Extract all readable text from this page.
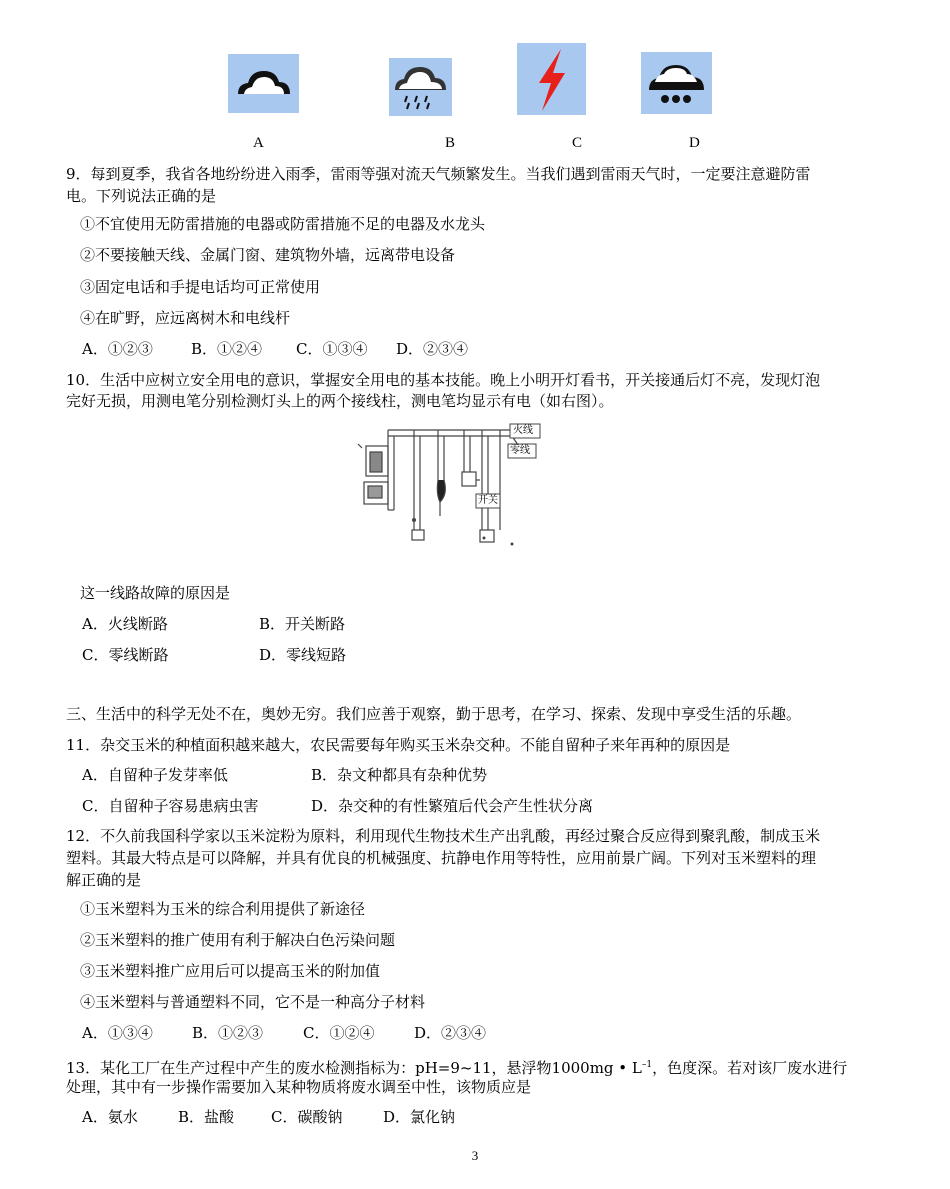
A	B	C	D
9．每到夏季，我省各地纷纷进入雨季，雷雨等强对流天气频繁发生。当我们遇到雷雨天气时，一定要注意避防雷
电。下列说法正确的是
①不宜使用无防雷措施的电器或防雷措施不足的电器及水龙头
②不要接触天线、金属门窗、建筑物外墙，远离带电设备
③固定电话和手提电话均可正常使用
④在旷野，应远离树木和电线杆
A．①②③	B．①②④ C．①③④ D．②③④
10．生活中应树立安全用电的意识，掌握安全用电的基本技能。晚上小明开灯看书，开关接通后灯不亮，发现灯泡
完好无损，用测电笔分别检测灯头上的两个接线柱，测电笔均显示有电（如右图）。
火线
零线
开关
这一线路故障的原因是
A．火线断路	B．开关断路
C．零线断路	D．零线短路
三、生活中的科学无处不在，奥妙无穷。我们应善于观察，勤于思考，在学习、探索、发现中享受生活的乐趣。
11．杂交玉米的种植面积越来越大，农民需要每年购买玉米杂交种。不能自留种子来年再种的原因是
A．自留种子发芽率低	B．杂文种都具有杂种优势
C．自留种子容易患病虫害	D．杂交种的有性繁殖后代会产生性状分离
12．不久前我国科学家以玉米淀粉为原料，利用现代生物技术生产出乳酸，再经过聚合反应得到聚乳酸，制成玉米
塑料。其最大特点是可以降解，并具有优良的机械强度、抗静电作用等特性，应用前景广阔。下列对玉米塑料的理
解正确的是
①玉米塑料为玉米的综合利用提供了新途径
②玉米塑料的推广使用有利于解决白色污染问题
③玉米塑料推广应用后可以提高玉米的附加值
④玉米塑料与普通塑料不同，它不是一种高分子材料
A．①③④	B．①②③	C．①②④	D．②③④
13．某化工厂在生产过程中产生的废水检测指标为：pH=9~11，悬浮物1000mg • $L^{-1}$，色度深。若对该厂废水进行
处理，其中有一步操作需要加入某种物质将废水调至中性，该物质应是
A．氨水	B．盐酸 C．碳酸钠	D．氯化钠
3
